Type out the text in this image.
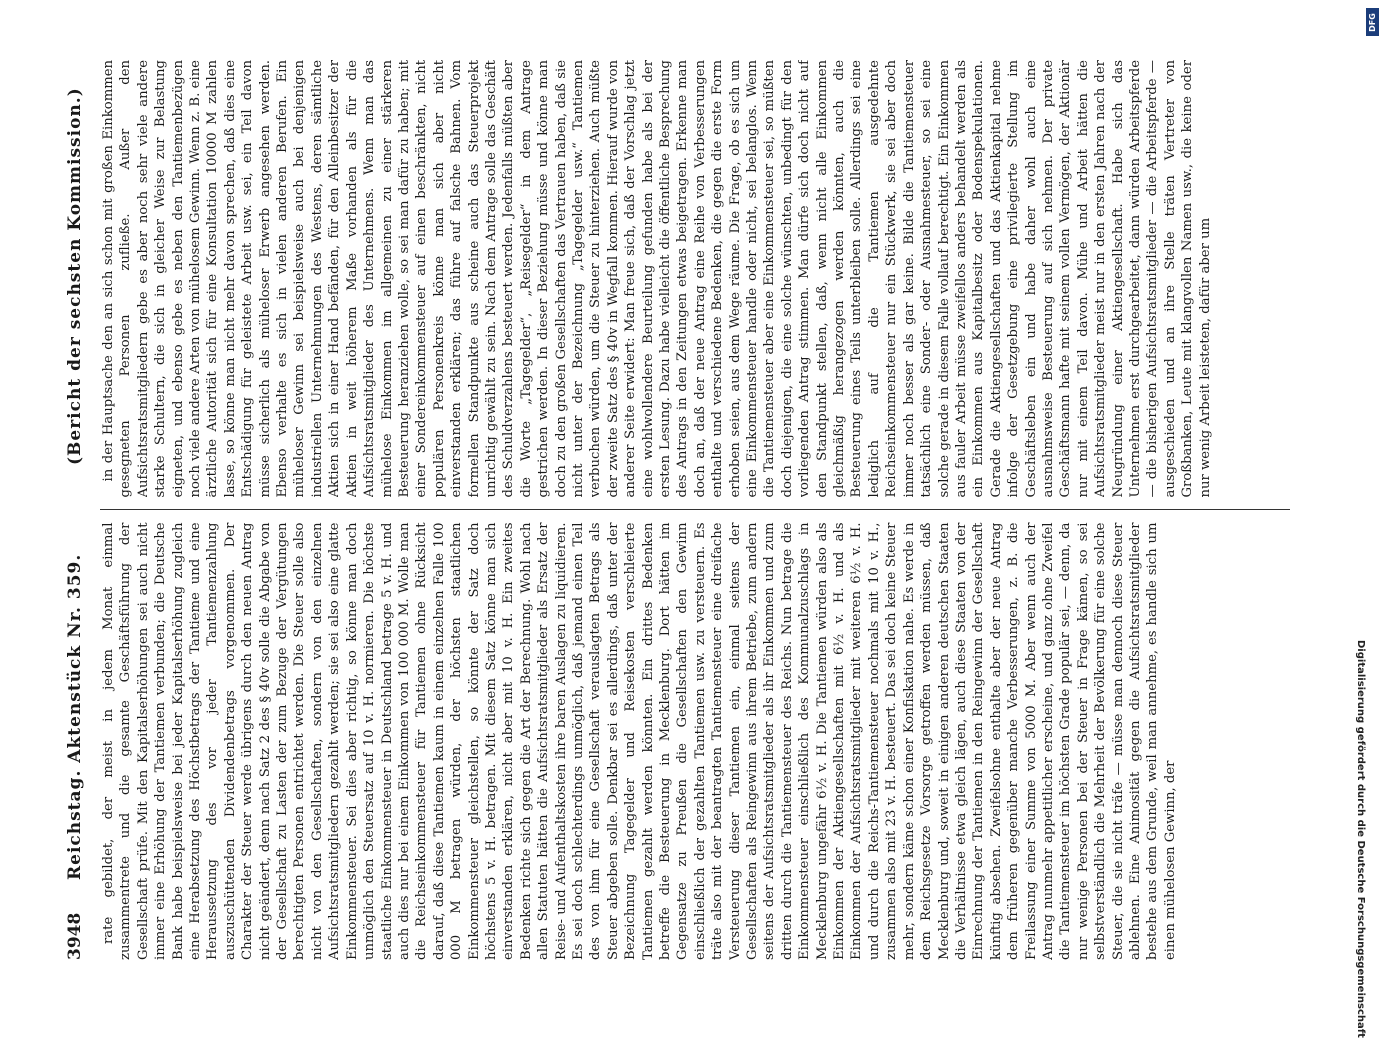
3948
Reichstag. Aktenstück Nr. 359.
(Bericht der sechsten Kommission.)

rate gebildet, der meist in jedem Monat einmal zusammentrete und die gesamte Geschäftsführung der Gesellschaft prüfe. Mit den Kapitalserhöhungen sei auch nicht immer eine Erhöhung der Tantiemen verbunden; die Deutsche Bank habe beispielsweise bei jeder Kapitalserhöhung zugleich eine Herabsetzung des Höchstbetrags der Tantieme und eine Heraussetzung des vor jeder Tantiemenzahlung auszuschüttenden Dividendenbetrags vorgenommen. Der Charakter der Steuer werde übrigens durch den neuen Antrag nicht geändert, denn nach Satz 2 des § 40v solle die Abgabe von der Gesellschaft zu Lasten der zum Bezuge der Vergütungen berechtigten Personen entrichtet werden. Die Steuer solle also nicht von den Gesellschaften, sondern von den einzelnen Aufsichtsratsmitgliedern gezahlt werden; sie sei also eine glatte Einkommensteuer. Sei dies aber richtig, so könne man doch unmöglich den Steuersatz auf 10 v. H. normieren. Die höchste staatliche Einkommensteuer in Deutschland betrage 5 v. H. und auch dies nur bei einem Einkommen von 100 000 M. Wolle man die Reichseinkommensteuer für Tantiemen ohne Rücksicht darauf, daß diese Tantiemen kaum in einem einzelnen Falle 100 000 M betragen würden, der höchsten staatlichen Einkommensteuer gleichstellen, so könnte der Satz doch höchstens 5 v. H. betragen. Mit diesem Satz könne man sich einverstanden erklären, nicht aber mit 10 v. H. Ein zweites Bedenken richte sich gegen die Art der Berechnung. Wohl nach allen Statuten hätten die Aufsichtsratsmitglieder als Ersatz der Reise- und Aufenthaltskosten ihre baren Auslagen zu liquidieren. Es sei doch schlechterdings unmöglich, daß jemand einen Teil des von ihm für eine Gesellschaft verauslagten Betrags als Steuer abgeben solle. Denkbar sei es allerdings, daß unter der Bezeichnung Tagegelder und Reisekosten verschleierte Tantiemen gezahlt werden könnten. Ein drittes Bedenken betreffe die Besteuerung in Mecklenburg. Dort hätten im Gegensatze zu Preußen die Gesellschaften den Gewinn einschließlich der gezahlten Tantiemen usw. zu versteuern. Es träte also mit der beantragten Tantiemensteuer eine dreifache Versteuerung dieser Tantiemen ein, einmal seitens der Gesellschaften als Reingewinn aus ihrem Betriebe, zum andern seitens der Aufsichtsratsmitglieder als ihr Einkommen und zum dritten durch die Tantiemensteuer des Reichs. Nun betrage die Einkommensteuer einschließlich des Kommunalzuschlags in Mecklenburg ungefähr 6½ v. H. Die Tantiemen würden also als Einkommen der Aktiengesellschaften mit 6½ v. H. und als Einkommen der Aufsichtsratsmitglieder mit weiteren 6½ v. H. und durch die Reichs-Tantiemensteuer nochmals mit 10 v. H., zusammen also mit 23 v. H. besteuert. Das sei doch keine Steuer mehr, sondern käme schon einer Konfiskation nahe. Es werde in dem Reichsgesetze Vorsorge getroffen werden müssen, daß Mecklenburg und, soweit in einigen anderen deutschen Staaten die Verhältnisse etwa gleich lägen, auch diese Staaten von der Einrechnung der Tantiemen in den Reingewinn der Gesellschaft künftig absehen. Zweifelsohne enthalte aber der neue Antrag dem früheren gegenüber manche Verbesserungen, z. B. die Freilassung einer Summe von 5000 M. Aber wenn auch der Antrag nunmehr appetitlicher erscheine, und ganz ohne Zweifel die Tantiemensteuer im höchsten Grade populär sei, — denn, da nur wenige Personen bei der Steuer in Frage kämen, so sei selbstverständlich die Mehrheit der Bevölkerung für eine solche Steuer, die sie nicht träfe — müsse man dennoch diese Steuer ablehnen. Eine Animosität gegen die Aufsichtsratsmitglieder bestehe aus dem Grunde, weil man annehme, es handle sich um einen mühelosen Gewinn, der

in der Hauptsache den an sich schon mit großen Einkommen gesegneten Personen zufließe. Außer den Aufsichtsratsmitgliedern gebe es aber noch sehr viele andere starke Schultern, die sich in gleicher Weise zur Belastung eigneten, und ebenso gebe es neben den Tantiemenbezügen noch viele andere Arten von mühelosem Gewinn. Wenn z. B. eine ärztliche Autorität sich für eine Konsultation 10000 M zahlen lasse, so könne man nicht mehr davon sprechen, daß dies eine Entschädigung für geleistete Arbeit usw. sei, ein Teil davon müsse sicherlich als müheloser Erwerb angesehen werden. Ebenso verhalte es sich in vielen anderen Berufen. Ein müheloser Gewinn sei beispielsweise auch bei denjenigen industriellen Unternehmungen des Westens, deren sämtliche Aktien sich in einer Hand befänden, für den Alleinbesitzer der Aktien in weit höherem Maße vorhanden als für die Aufsichtsratsmitglieder des Unternehmens. Wenn man das mühelose Einkommen im allgemeinen zu einer stärkeren Besteuerung heranziehen wolle, so sei man dafür zu haben; mit einer Sondereinkommensteuer auf einen beschränkten, nicht populären Personenkreis könne man sich aber nicht einverstanden erklären; das führe auf falsche Bahnen. Vom formellen Standpunkte aus scheine auch das Steuerprojekt unrichtig gewählt zu sein. Nach dem Antrage solle das Geschäft des Schuldverzahlens besteuert werden. Jedenfalls müßten aber die Worte „Tagegelder“, „Reisegelder“ in dem Antrage gestrichen werden. In dieser Beziehung müsse und könne man doch zu den großen Gesellschaften das Vertrauen haben, daß sie nicht unter der Bezeichnung „Tagegelder usw.“ Tantiemen verbuchen würden, um die Steuer zu hinterziehen. Auch müßte der zweite Satz des § 40v in Wegfall kommen. Hierauf wurde von anderer Seite erwidert: Man freue sich, daß der Vorschlag jetzt eine wohlwollendere Beurteilung gefunden habe als bei der ersten Lesung. Dazu habe vielleicht die öffentliche Besprechung des Antrags in den Zeitungen etwas beigetragen. Erkenne man doch an, daß der neue Antrag eine Reihe von Verbesserungen enthalte und verschiedene Bedenken, die gegen die erste Form erhoben seien, aus dem Wege räume. Die Frage, ob es sich um eine Einkommensteuer handle oder nicht, sei belanglos. Wenn die Tantiemensteuer aber eine Einkommensteuer sei, so müßten doch diejenigen, die eine solche wünschten, unbedingt für den vorliegenden Antrag stimmen. Man dürfe sich doch nicht auf den Standpunkt stellen, daß, wenn nicht alle Einkommen gleichmäßig herangezogen werden könnten, auch die Besteuerung eines Teils unterbleiben solle. Allerdings sei eine lediglich auf die Tantiemen ausgedehnte Reichseinkommensteuer nur ein Stückwerk, sie sei aber doch immer noch besser als gar keine. Bilde die Tantiemensteuer tatsächlich eine Sonder- oder Ausnahmesteuer, so sei eine solche gerade in diesem Falle vollauf berechtigt. Ein Einkommen aus fauler Arbeit müsse zweifellos anders behandelt werden als ein Einkommen aus Kapitalbesitz oder Bodenspekulationen. Gerade die Aktiengesellschaften und das Aktienkapital nehme infolge der Gesetzgebung eine privilegierte Stellung im Geschäftsleben ein und habe daher wohl auch eine ausnahmsweise Besteuerung auf sich nehmen. Der private Geschäftsmann hafte mit seinem vollen Vermögen, der Aktionär nur mit einem Teil davon. Mühe und Arbeit hätten die Aufsichtsratsmitglieder meist nur in den ersten Jahren nach der Neugründung einer Aktiengesellschaft. Habe sich das Unternehmen erst durchgearbeitet, dann würden Arbeitspferde — die bisherigen Aufsichtsratsmitglieder — die Arbeitspferde — ausgeschieden und an ihre Stelle träten Vertreter von Großbanken, Leute mit klangvollen Namen usw., die keine oder nur wenig Arbeit leisteten, dafür aber um

DFG
Digitalisierung gefördert durch die Deutsche Forschungsgemeinschaft
